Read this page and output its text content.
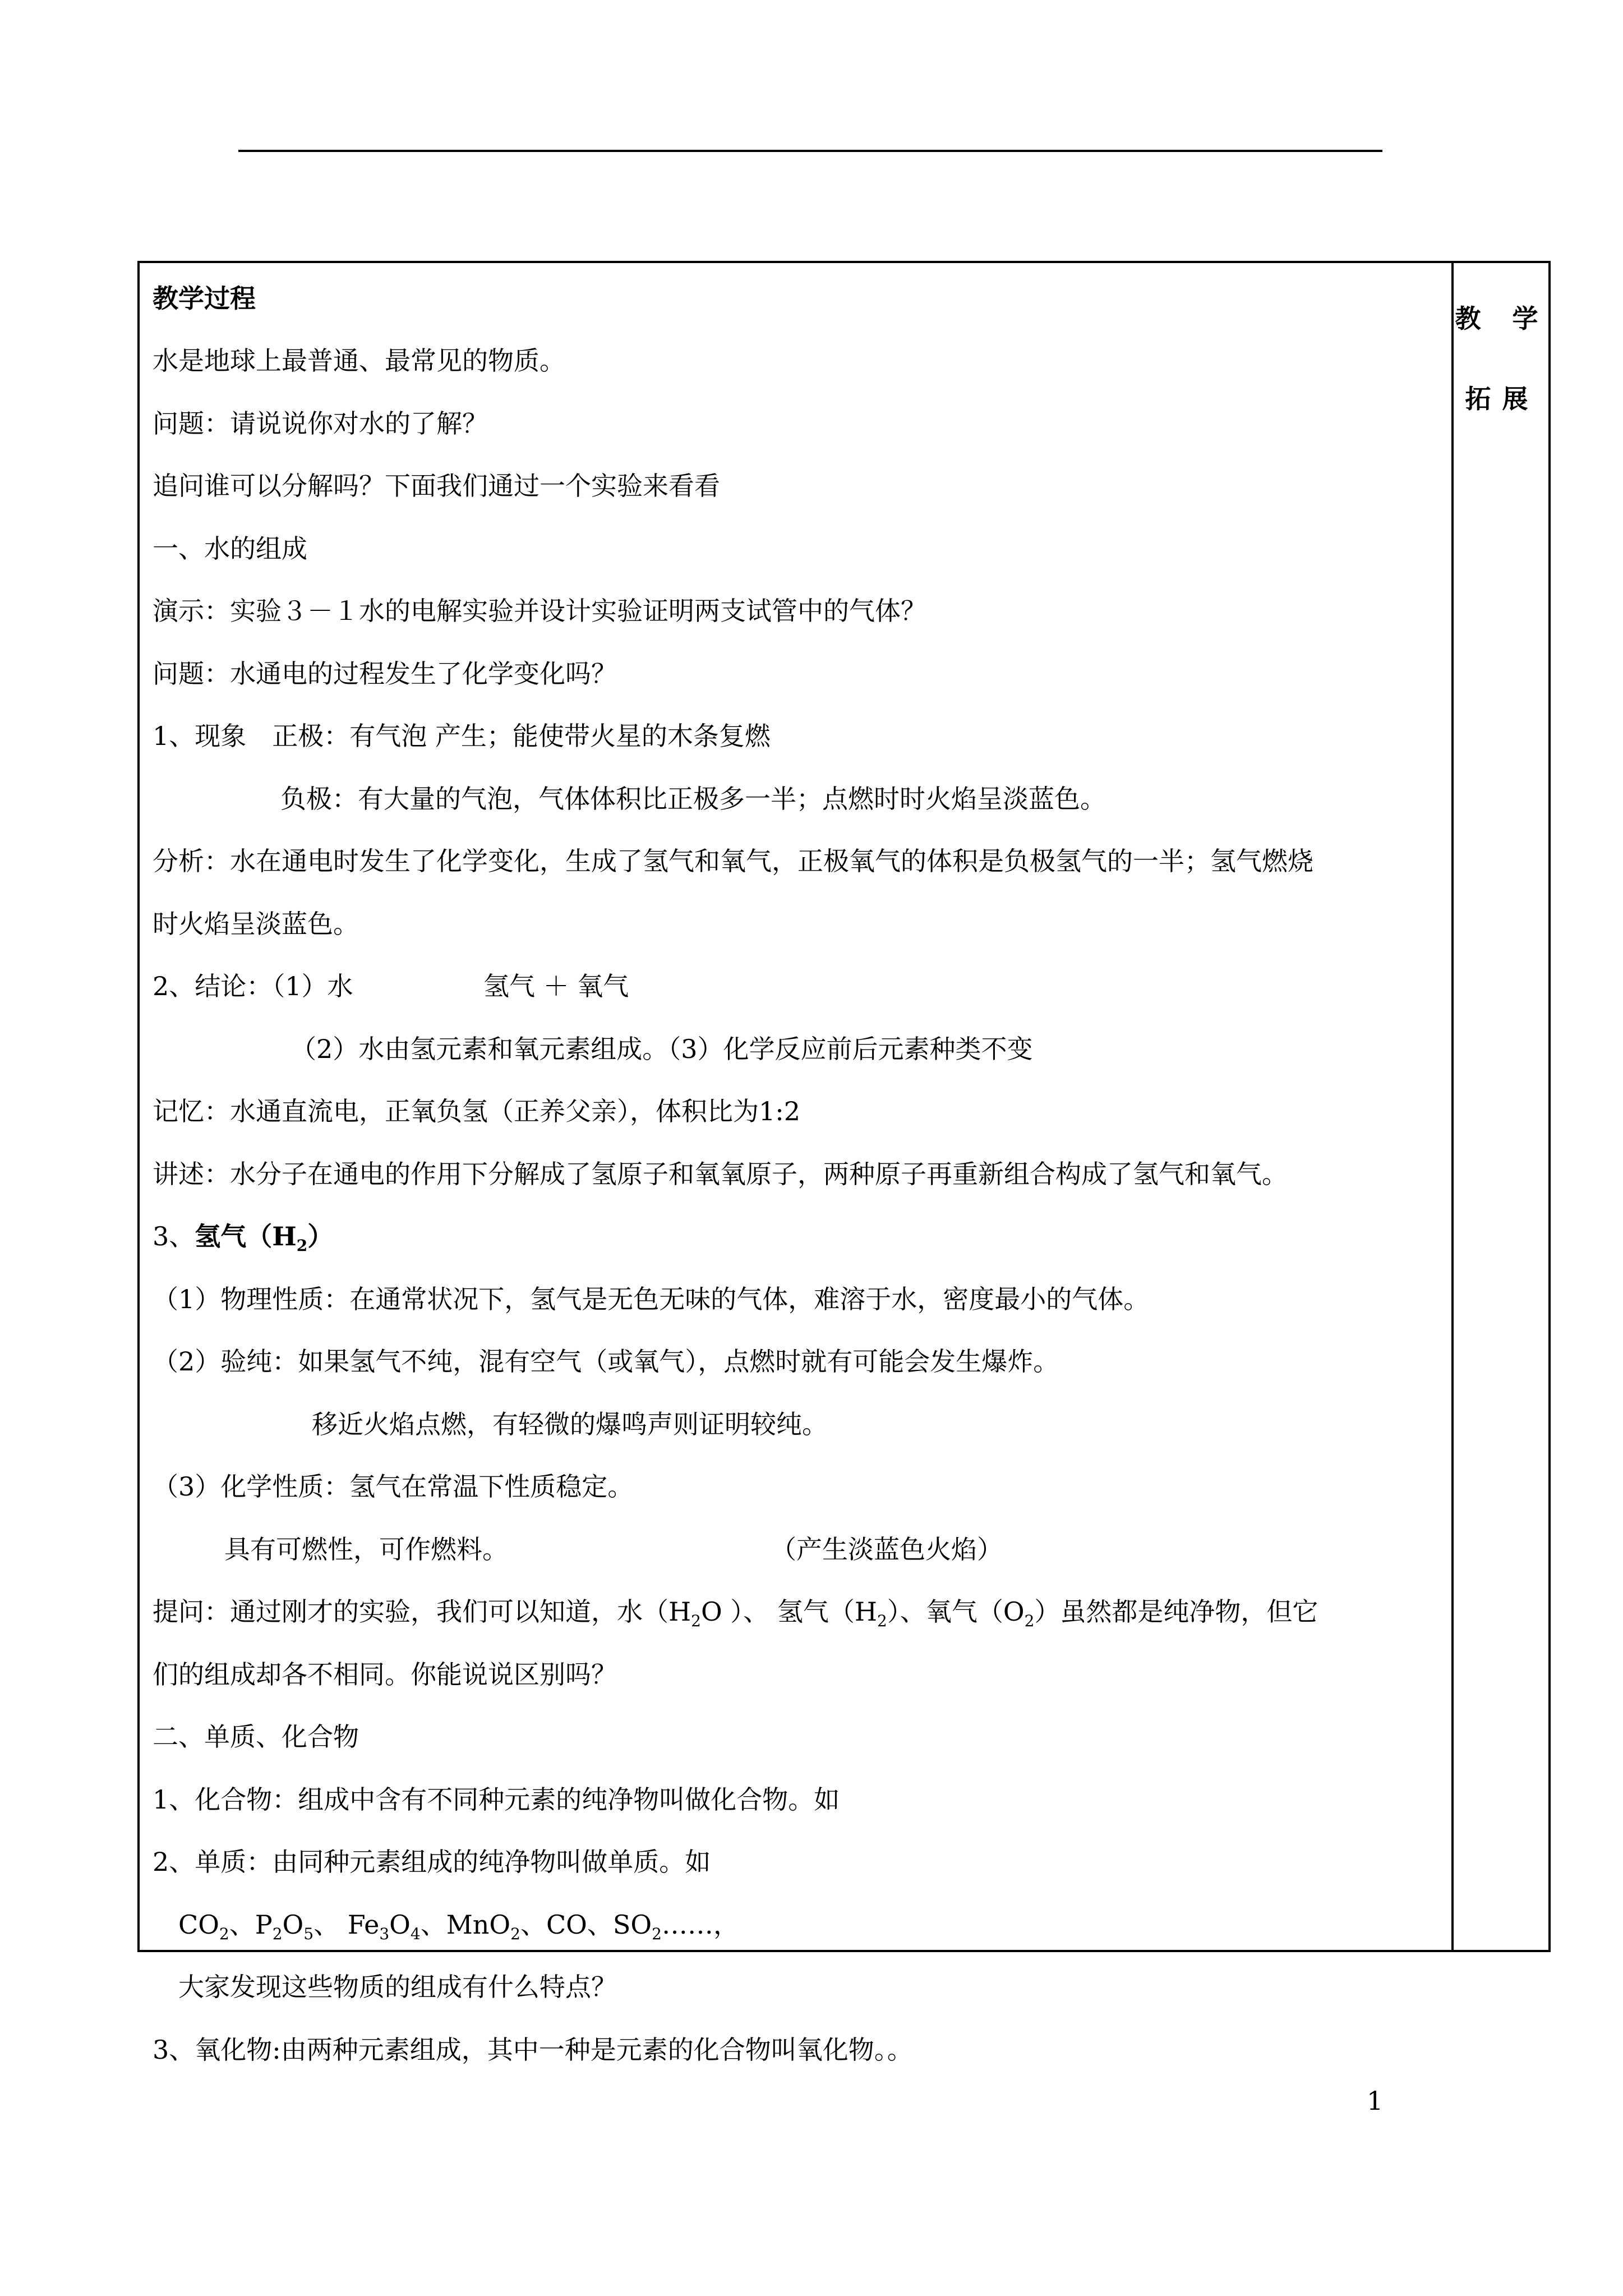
教 学
拓展
教学过程
水是地球上最普通、最常见的物质。
问题：请说说你对水的了解？
追问谁可以分解吗？下面我们通过一个实验来看看
一、水的组成
演示：实验３－１水的电解实验并设计实验证明两支试管中的气体？
问题：水通电的过程发生了化学变化吗？
1、现象　正极：有气泡 产生；能使带火星的木条复燃
负极：有大量的气泡，气体体积比正极多一半；点燃时时火焰呈淡蓝色。
分析：水在通电时发生了化学变化，生成了氢气和氧气，正极氧气的体积是负极氢气的一半；氢气燃烧
时火焰呈淡蓝色。
2、结论：（1）水	氢气 ＋ 氧气
（2）水由氢元素和氧元素组成。（3）化学反应前后元素种类不变
记忆：水通直流电，正氧负氢（正养父亲），体积比为1:2
讲述：水分子在通电的作用下分解成了氢原子和氧氧原子，两种原子再重新组合构成了氢气和氧气。
3、氢气$(H_2)$
（1）物理性质：在通常状况下，氢气是无色无味的气体，难溶于水，密度最小的气体。
（2）验纯：如果氢气不纯，混有空气（或氧气），点燃时就有可能会发生爆炸。
移近火焰点燃，有轻微的爆鸣声则证明较纯。
（3）化学性质：氢气在常温下性质稳定。
具有可燃性，可作燃料。	（产生淡蓝色火焰）
提问：通过刚才的实验，我们可以知道，水（$H_2O$ ）、 氢气$(H_2)$、氧气$(O_2)$虽然都是纯净物，但它
们的组成却各不相同。你能说说区别吗？
二、单质、化合物
1、化合物：组成中含有不同种元素的纯净物叫做化合物。如
2、单质：由同种元素组成的纯净物叫做单质。如
$CO_2$、$P_2O_5$、 $Fe_3O_4$、MnO$_2$、CO、$SO_2\dots\dots$，
大家发现这些物质的组成有什么特点？
3、氧化物:由两种元素组成，其中一种是元素的化合物叫氧化物。。
1
